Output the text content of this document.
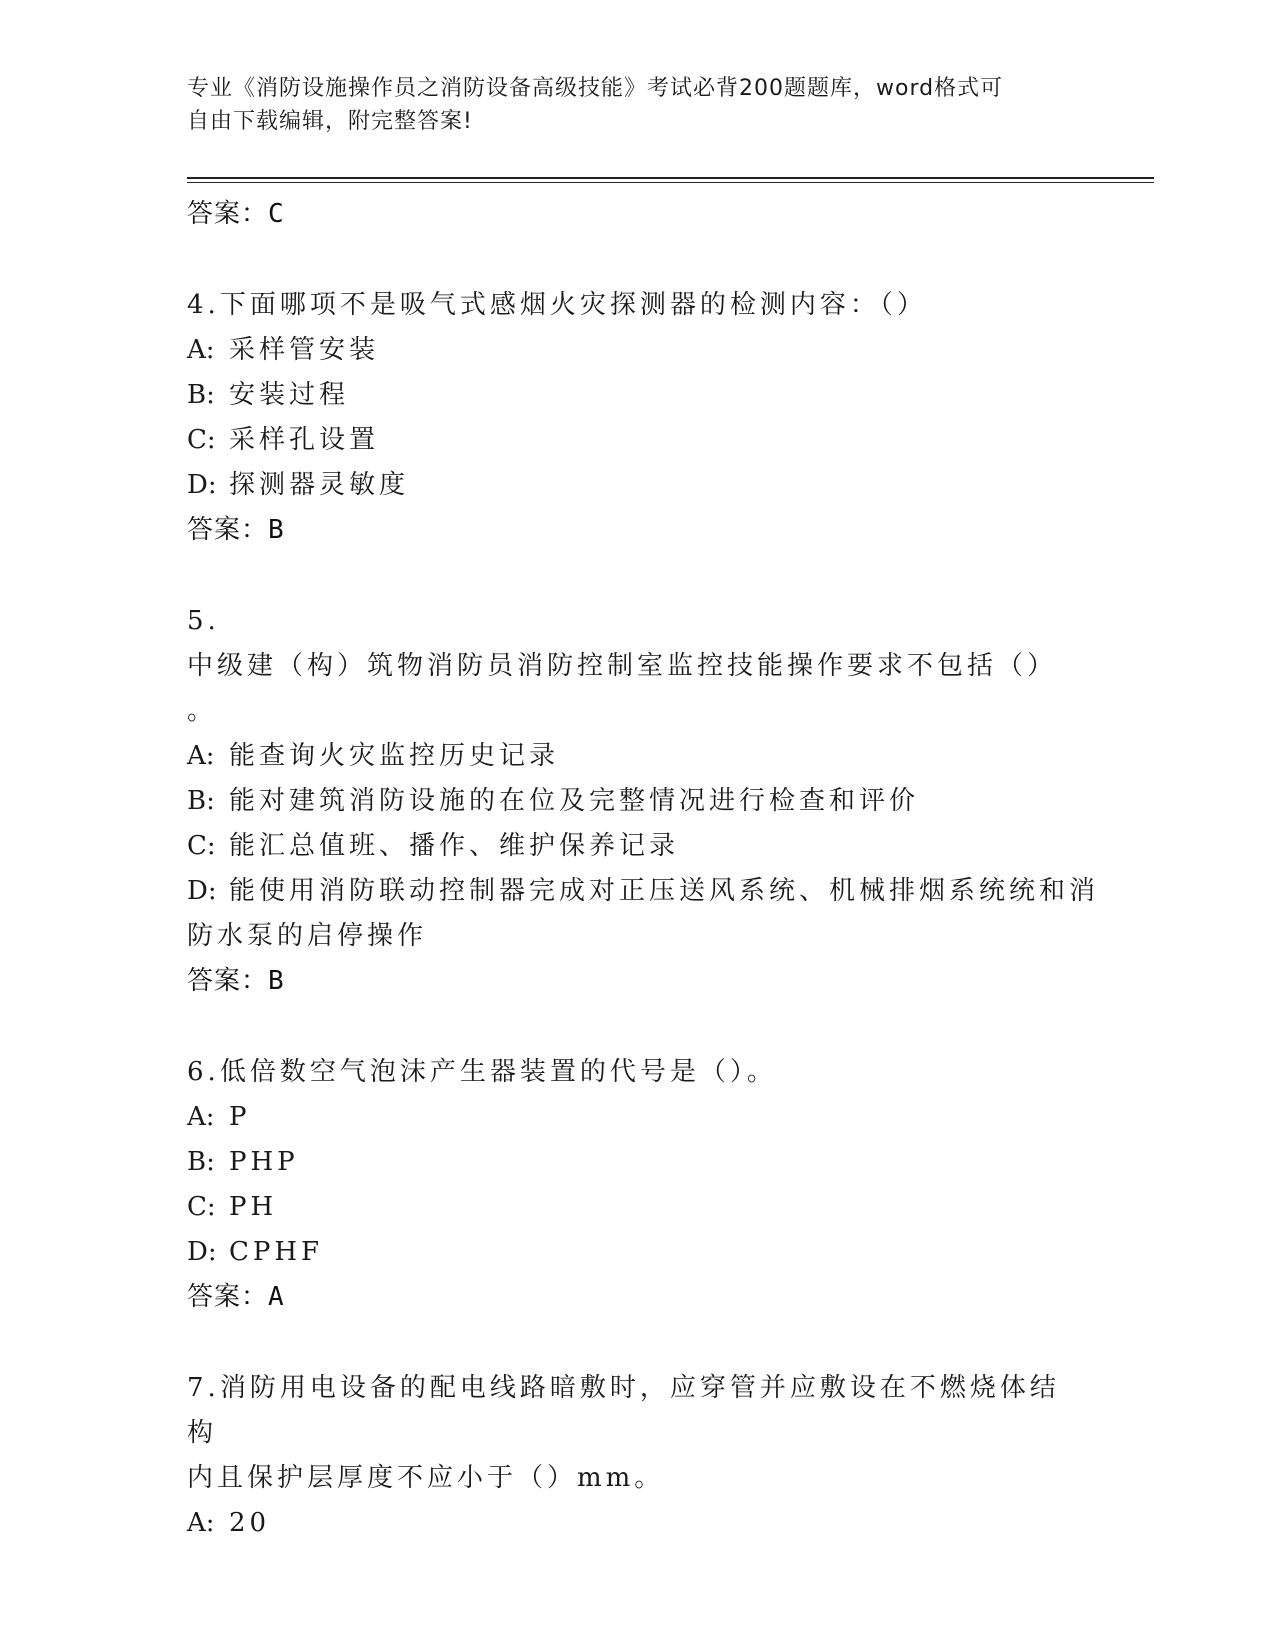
专业《消防设施操作员之消防设备高级技能》考试必背200题题库，word格式可
自由下载编辑，附完整答案!
答案：C
4.下面哪项不是吸气式感烟火灾探测器的检测内容：（）
A: 采样管安装
B: 安装过程
C: 采样孔设置
D: 探测器灵敏度
答案：B
5.中级建（构）筑物消防员消防控制室监控技能操作要求不包括（）
。
A: 能查询火灾监控历史记录
B: 能对建筑消防设施的在位及完整情况进行检查和评价
C: 能汇总值班、播作、维护保养记录
D: 能使用消防联动控制器完成对正压送风系统、机械排烟系统统和消
防水泵的启停操作
答案：B
6.低倍数空气泡沫产生器装置的代号是（）。
A: P
B: PHP
C: PH
D: CPHF
答案：A
7.消防用电设备的配电线路暗敷时，应穿管并应敷设在不燃烧体结构
内且保护层厚度不应小于（）mm。
A: 20
